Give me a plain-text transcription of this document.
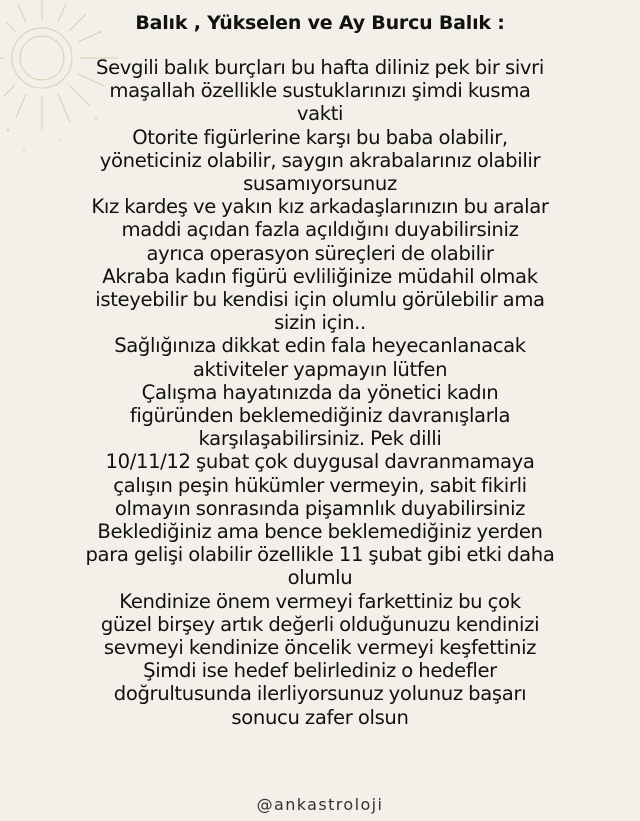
Balık , Yükselen ve Ay Burcu Balık :
Sevgili balık burçları bu hafta diliniz pek bir sivri
maşallah özellikle sustuklarınızı şimdi kusma
vakti
Otorite figürlerine karşı bu baba olabilir,
yöneticiniz olabilir, saygın akrabalarınız olabilir
susamıyorsunuz
Kız kardeş ve yakın kız arkadaşlarınızın bu aralar
maddi açıdan fazla açıldığını duyabilirsiniz
ayrıca operasyon süreçleri de olabilir
Akraba kadın figürü evliliğinize müdahil olmak
isteyebilir bu kendisi için olumlu görülebilir ama
sizin için..
Sağlığınıza dikkat edin fala heyecanlanacak
aktiviteler yapmayın lütfen
Çalışma hayatınızda da yönetici kadın
figüründen beklemediğiniz davranışlarla
karşılaşabilirsiniz. Pek dilli
10/11/12 şubat çok duygusal davranmamaya
çalışın peşin hükümler vermeyin, sabit fikirli
olmayın sonrasında pişamnlık duyabilirsiniz
Beklediğiniz ama bence beklemediğiniz yerden
para gelişi olabilir özellikle 11 şubat gibi etki daha
olumlu
Kendinize önem vermeyi farkettiniz bu çok
güzel birşey artık değerli olduğunuzu kendinizi
sevmeyi kendinize öncelik vermeyi keşfettiniz
Şimdi ise hedef belirlediniz o hedefler
doğrultusunda ilerliyorsunuz yolunuz başarı
sonucu zafer olsun
@ankastroloji
